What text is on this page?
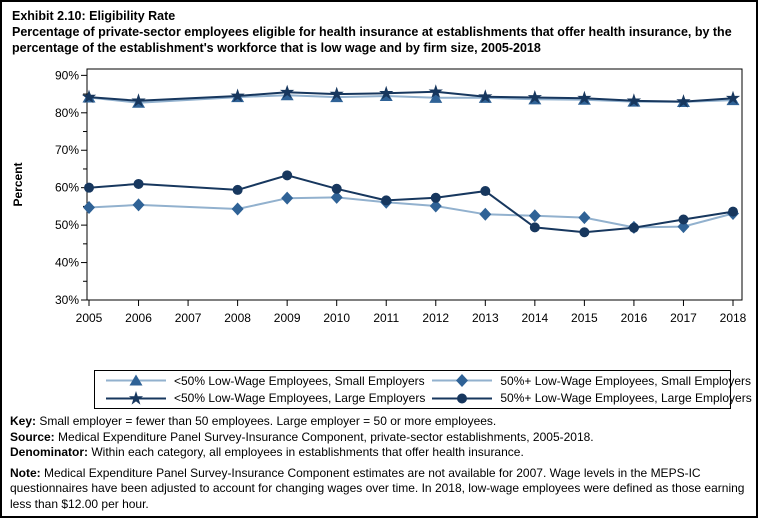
Exhibit 2.10: Eligibility Rate
Percentage of private-sector employees eligible for health insurance at establishments that offer health insurance, by the percentage of the establishment's workforce that is low wage and by firm size, 2005-2018
30%
40%
50%
60%
70%
80%
90%
2005 2006 2007 2008 2009 2010 2011 2012 2013 2014 2015 2016 2017 2018
Percent
<50% Low-Wage Employees, Small Employers	50%+ Low-Wage Employees, Small Employers
<50% Low-Wage Employees, Large Employers	50%+ Low-Wage Employees, Large Employers

Key: Small employer = fewer than 50 employees. Large employer = 50 or more employees.

Source: Medical Expenditure Panel Survey-Insurance Component, private-sector establishments, 2005-2018.

Denominator: Within each category, all employees in establishments that offer health insurance.

Note: Medical Expenditure Panel Survey-Insurance Component estimates are not available for 2007. Wage levels in the MEPS-IC questionnaires have been adjusted to account for changing wages over time. In 2018, low-wage employees were defined as those earning less than $12.00 per hour.
